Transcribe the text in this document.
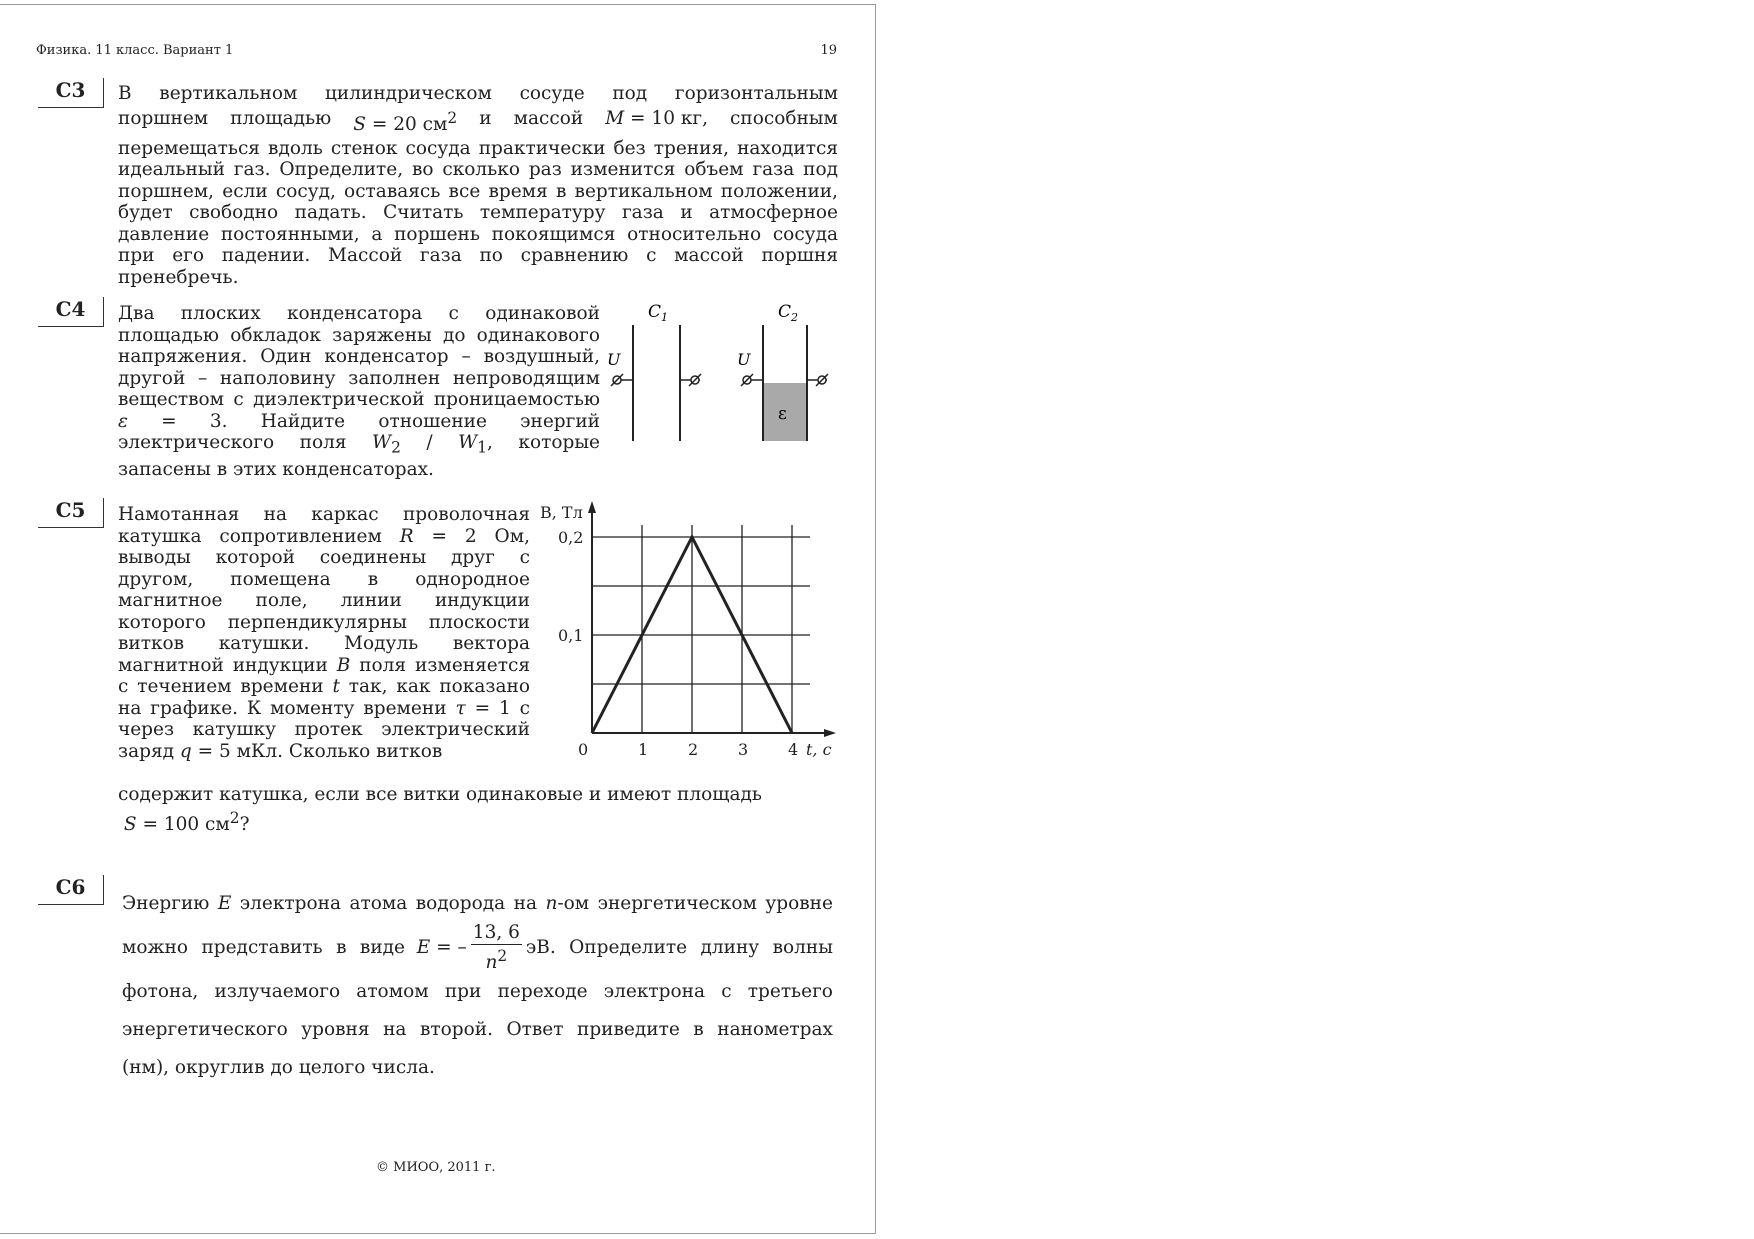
Физика. 11 класс. Вариант 1	19
С3	В вертикальном цилиндрическом сосуде под горизонтальным
поршнем площадью S = 20 $см^2$ и массой M = 10 кг, способным
перемещаться вдоль стенок сосуда практически без трения, находится идеальный газ. Определите, во сколько раз изменится объем газа под поршнем, если сосуд, оставаясь все время в вертикальном положении, будет свободно падать. Считать температуру газа и атмосферное давление постоянными, а поршень покоящимся относительно сосуда при его падении. Массой газа по сравнению с массой поршня пренебречь.
С4	Два плоских конденсатора с одинаковой площадью обкладок заряжены до одинакового напряжения. Один конденсатор – воздушный, другой – наполовину заполнен непроводящим веществом с диэлектрической проницаемостью ε = 3. Найдите отношение энергий электрического поля $W_2 / W_1$, которые запасены в этих конденсаторах.
$C_1$
U
$C_2$
ε
U
С5	Намотанная на каркас проволочная катушка сопротивлением R = 2 Ом, выводы которой соединены друг с другом, помещена в однородное магнитное поле, линии индукции которого перпендикулярны плоскости витков катушки. Модуль вектора магнитной индукции B поля изменяется с течением времени t так, как показано на графике. К моменту времени τ = 1 с через катушку протек электрический заряд q = 5 мКл. Сколько витков
содержит катушка, если все витки одинаковые и имеют площадь
S = 100 $см^2$?
0	1 2 3 4
0,1
0,2
t, с
B, Тл
С6
Энергию E электрона атома водорода на n-ом энергетическом уровне
можно представить в виде E = – $\frac{13, 6}{n^2}$ эВ. Определите длину волны
фотона, излучаемого атомом при переходе электрона с третьего
энергетического уровня на второй. Ответ приведите в нанометрах
(нм), округлив до целого числа.
© МИОО, 2011 г.
